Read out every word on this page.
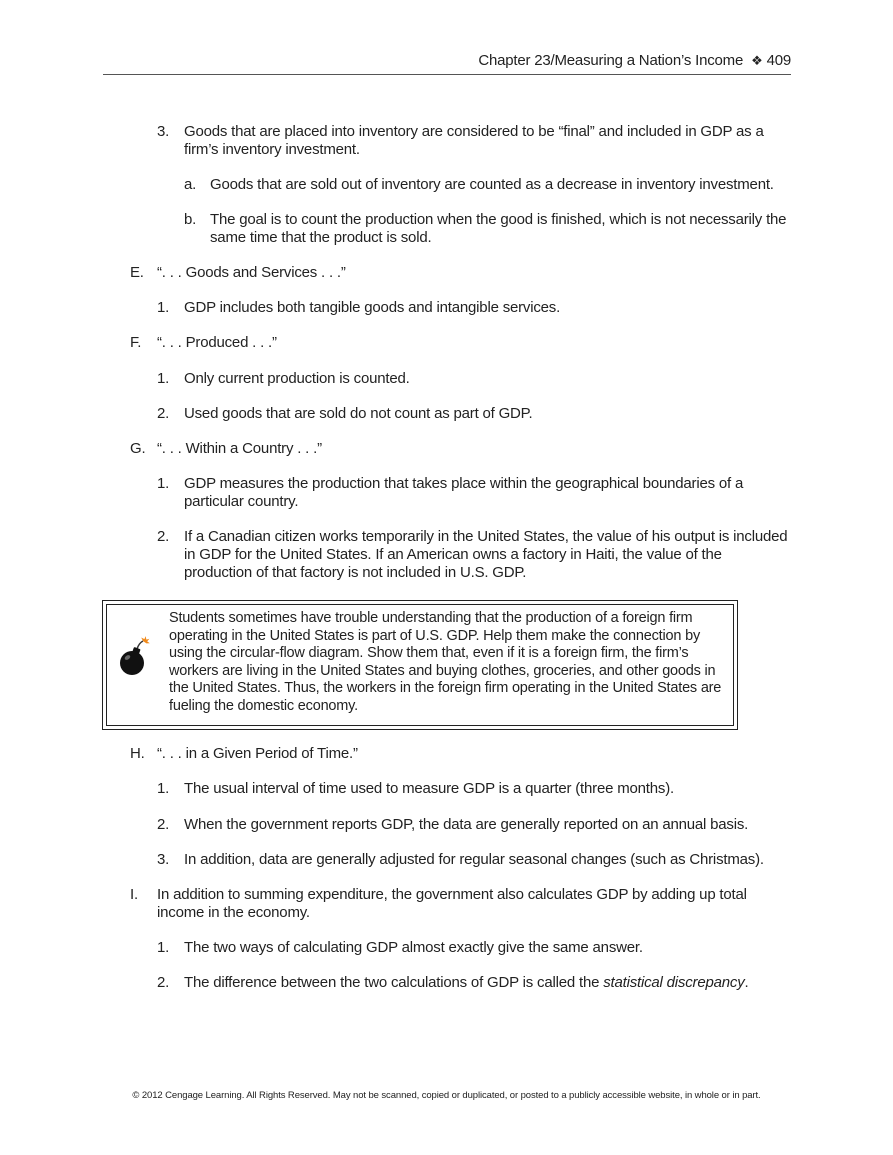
Chapter 23/Measuring a Nation’s Income ❖ 409
3. Goods that are placed into inventory are considered to be “final” and included in GDP as a firm’s inventory investment.
a. Goods that are sold out of inventory are counted as a decrease in inventory investment.
b. The goal is to count the production when the good is finished, which is not necessarily the same time that the product is sold.
E. “. . . Goods and Services . . .”
1. GDP includes both tangible goods and intangible services.
F. “. . . Produced . . .”
1. Only current production is counted.
2. Used goods that are sold do not count as part of GDP.
G. “. . . Within a Country . . .”
1. GDP measures the production that takes place within the geographical boundaries of a particular country.
2. If a Canadian citizen works temporarily in the United States, the value of his output is included in GDP for the United States. If an American owns a factory in Haiti, the value of the production of that factory is not included in U.S. GDP.
Students sometimes have trouble understanding that the production of a foreign firm operating in the United States is part of U.S. GDP. Help them make the connection by using the circular-flow diagram. Show them that, even if it is a foreign firm, the firm’s workers are living in the United States and buying clothes, groceries, and other goods in the United States. Thus, the workers in the foreign firm operating in the United States are fueling the domestic economy.
H. “. . . in a Given Period of Time.”
1. The usual interval of time used to measure GDP is a quarter (three months).
2. When the government reports GDP, the data are generally reported on an annual basis.
3. In addition, data are generally adjusted for regular seasonal changes (such as Christmas).
I. In addition to summing expenditure, the government also calculates GDP by adding up total income in the economy.
1. The two ways of calculating GDP almost exactly give the same answer.
2. The difference between the two calculations of GDP is called the statistical discrepancy.
© 2012 Cengage Learning. All Rights Reserved. May not be scanned, copied or duplicated, or posted to a publicly accessible website, in whole or in part.
